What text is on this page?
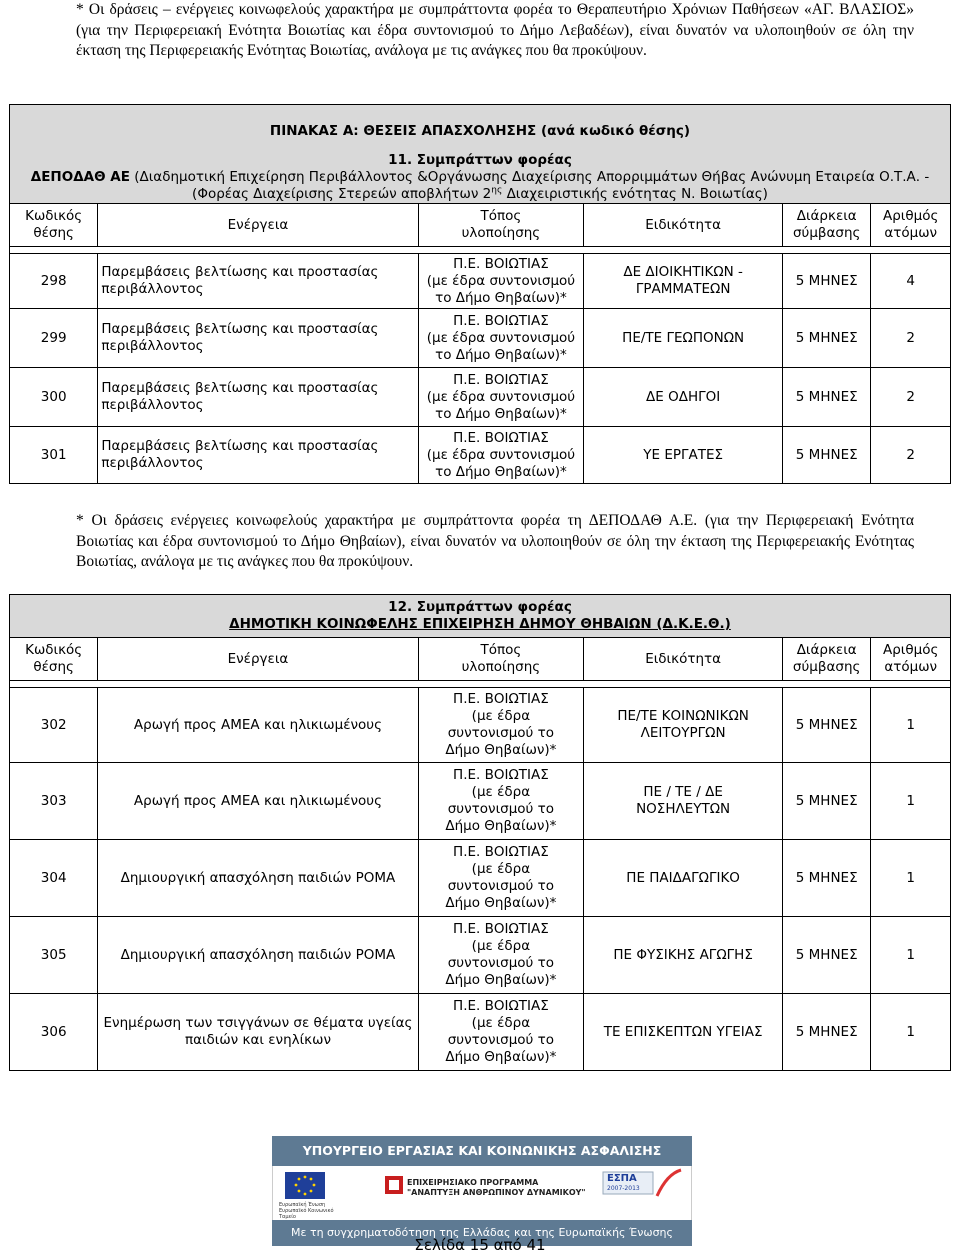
* Οι δράσεις – ενέργειες κοινωφελούς χαρακτήρα με συμπράττοντα φορέα το Θεραπευτήριο Χρόνιων Παθήσεων «ΑΓ. ΒΛΑΣΙΟΣ» (για την Περιφερειακή Ενότητα Βοιωτίας και έδρα συντονισμού το Δήμο Λεβαδέων), είναι δυνατόν να υλοποιηθούν σε όλη την έκταση της Περιφερειακής Ενότητας Βοιωτίας, ανάλογα με τις ανάγκες που θα προκύψουν.

ΠΙΝΑΚΑΣ Α: ΘΕΣΕΙΣ ΑΠΑΣΧΟΛΗΣΗΣ (ανά κωδικό θέσης)
11. Συμπράττων φορέας
ΔΕΠΟΔΑΘ ΑΕ (Διαδημοτική Επιχείρηση Περιβάλλοντος &Οργάνωσης Διαχείρισης Απορριμμάτων Θήβας Ανώνυμη Εταιρεία Ο.Τ.Α. -
(Φορέας Διαχείρισης Στερεών αποβλήτων $2^{\eta\varsigma}$ Διαχειριστικής ενότητας Ν. Βοιωτίας)					

Κωδικός
θέσης	Ενέργεια	Τόπος
υλοποίησης	Ειδικότητα	Διάρκεια
σύμβασης	Αριθμός
ατόμων

298	Παρεμβάσεις βελτίωσης και προστασίας
περιβάλλοντος	Π.Ε. ΒΟΙΩΤΙΑΣ
(με έδρα συντονισμού
το Δήμο Θηβαίων)*	ΔΕ ΔΙΟΙΚΗΤΙΚΩΝ -
ΓΡΑΜΜΑΤΕΩΝ	5 ΜΗΝΕΣ	4
299	Παρεμβάσεις βελτίωσης και προστασίας
περιβάλλοντος	Π.Ε. ΒΟΙΩΤΙΑΣ
(με έδρα συντονισμού
το Δήμο Θηβαίων)*	ΠΕ/ΤΕ ΓΕΩΠΟΝΩΝ	5 ΜΗΝΕΣ	2
300	Παρεμβάσεις βελτίωσης και προστασίας
περιβάλλοντος	Π.Ε. ΒΟΙΩΤΙΑΣ
(με έδρα συντονισμού
το Δήμο Θηβαίων)*	ΔΕ ΟΔΗΓΟΙ	5 ΜΗΝΕΣ	2
301	Παρεμβάσεις βελτίωσης και προστασίας
περιβάλλοντος	Π.Ε. ΒΟΙΩΤΙΑΣ
(με έδρα συντονισμού
το Δήμο Θηβαίων)*	ΥΕ ΕΡΓΑΤΕΣ	5 ΜΗΝΕΣ	2

* Οι δράσεις ενέργειες κοινωφελούς χαρακτήρα με συμπράττοντα φορέα τη ΔΕΠΟΔΑΘ Α.Ε. (για την Περιφερειακή Ενότητα Βοιωτίας και έδρα συντονισμού το Δήμο Θηβαίων), είναι δυνατόν να υλοποιηθούν σε όλη την έκταση της Περιφερειακής Ενότητας Βοιωτίας, ανάλογα με τις ανάγκες που θα προκύψουν.

12. Συμπράττων φορέας
ΔΗΜΟΤΙΚΗ ΚΟΙΝΩΦΕΛΗΣ ΕΠΙΧΕΙΡΗΣΗ ΔΗΜΟΥ ΘΗΒΑΙΩΝ (Δ.Κ.Ε.Θ.)					

Κωδικός
θέσης	Ενέργεια	Τόπος
υλοποίησης	Ειδικότητα	Διάρκεια
σύμβασης	Αριθμός
ατόμων

302	Αρωγή προς ΑΜΕΑ και ηλικιωμένους	Π.Ε. ΒΟΙΩΤΙΑΣ
(με έδρα
συντονισμού το
Δήμο Θηβαίων)*	ΠΕ/ΤΕ ΚΟΙΝΩΝΙΚΩΝ
ΛΕΙΤΟΥΡΓΩΝ	5 ΜΗΝΕΣ	1
303	Αρωγή προς ΑΜΕΑ και ηλικιωμένους	Π.Ε. ΒΟΙΩΤΙΑΣ
(με έδρα
συντονισμού το
Δήμο Θηβαίων)*	ΠΕ / ΤΕ / ΔΕ
ΝΟΣΗΛΕΥΤΩΝ	5 ΜΗΝΕΣ	1
304	Δημιουργική απασχόληση παιδιών ΡΟΜΑ	Π.Ε. ΒΟΙΩΤΙΑΣ
(με έδρα
συντονισμού το
Δήμο Θηβαίων)*	ΠΕ ΠΑΙΔΑΓΩΓΙΚΟ	5 ΜΗΝΕΣ	1
305	Δημιουργική απασχόληση παιδιών ΡΟΜΑ	Π.Ε. ΒΟΙΩΤΙΑΣ
(με έδρα
συντονισμού το
Δήμο Θηβαίων)*	ΠΕ ΦΥΣΙΚΗΣ ΑΓΩΓΗΣ	5 ΜΗΝΕΣ	1
306	Ενημέρωση των τσιγγάνων σε θέματα υγείας
παιδιών και ενηλίκων	Π.Ε. ΒΟΙΩΤΙΑΣ
(με έδρα
συντονισμού το
Δήμο Θηβαίων)*	ΤΕ ΕΠΙΣΚΕΠΤΩΝ ΥΓΕΙΑΣ	5 ΜΗΝΕΣ	1
ΥΠΟΥΡΓΕΙΟ ΕΡΓΑΣΙΑΣ ΚΑΙ ΚΟΙΝΩΝΙΚΗΣ ΑΣΦΑΛΙΣΗΣ
Ευρωπαϊκή Ένωση
Ευρωπαϊκό Κοινωνικό Ταμείο
ΕΠΙΧΕΙΡΗΣΙΑΚΟ ΠΡΟΓΡΑΜΜΑ
"ΑΝΑΠΤΥΞΗ ΑΝΘΡΩΠΙΝΟΥ ΔΥΝΑΜΙΚΟΥ"
ΕΣΠΑ
2007-2013
Με τη συγχρηματοδότηση της Ελλάδας και της Ευρωπαϊκής Ένωσης
Σελίδα 15 από 41
